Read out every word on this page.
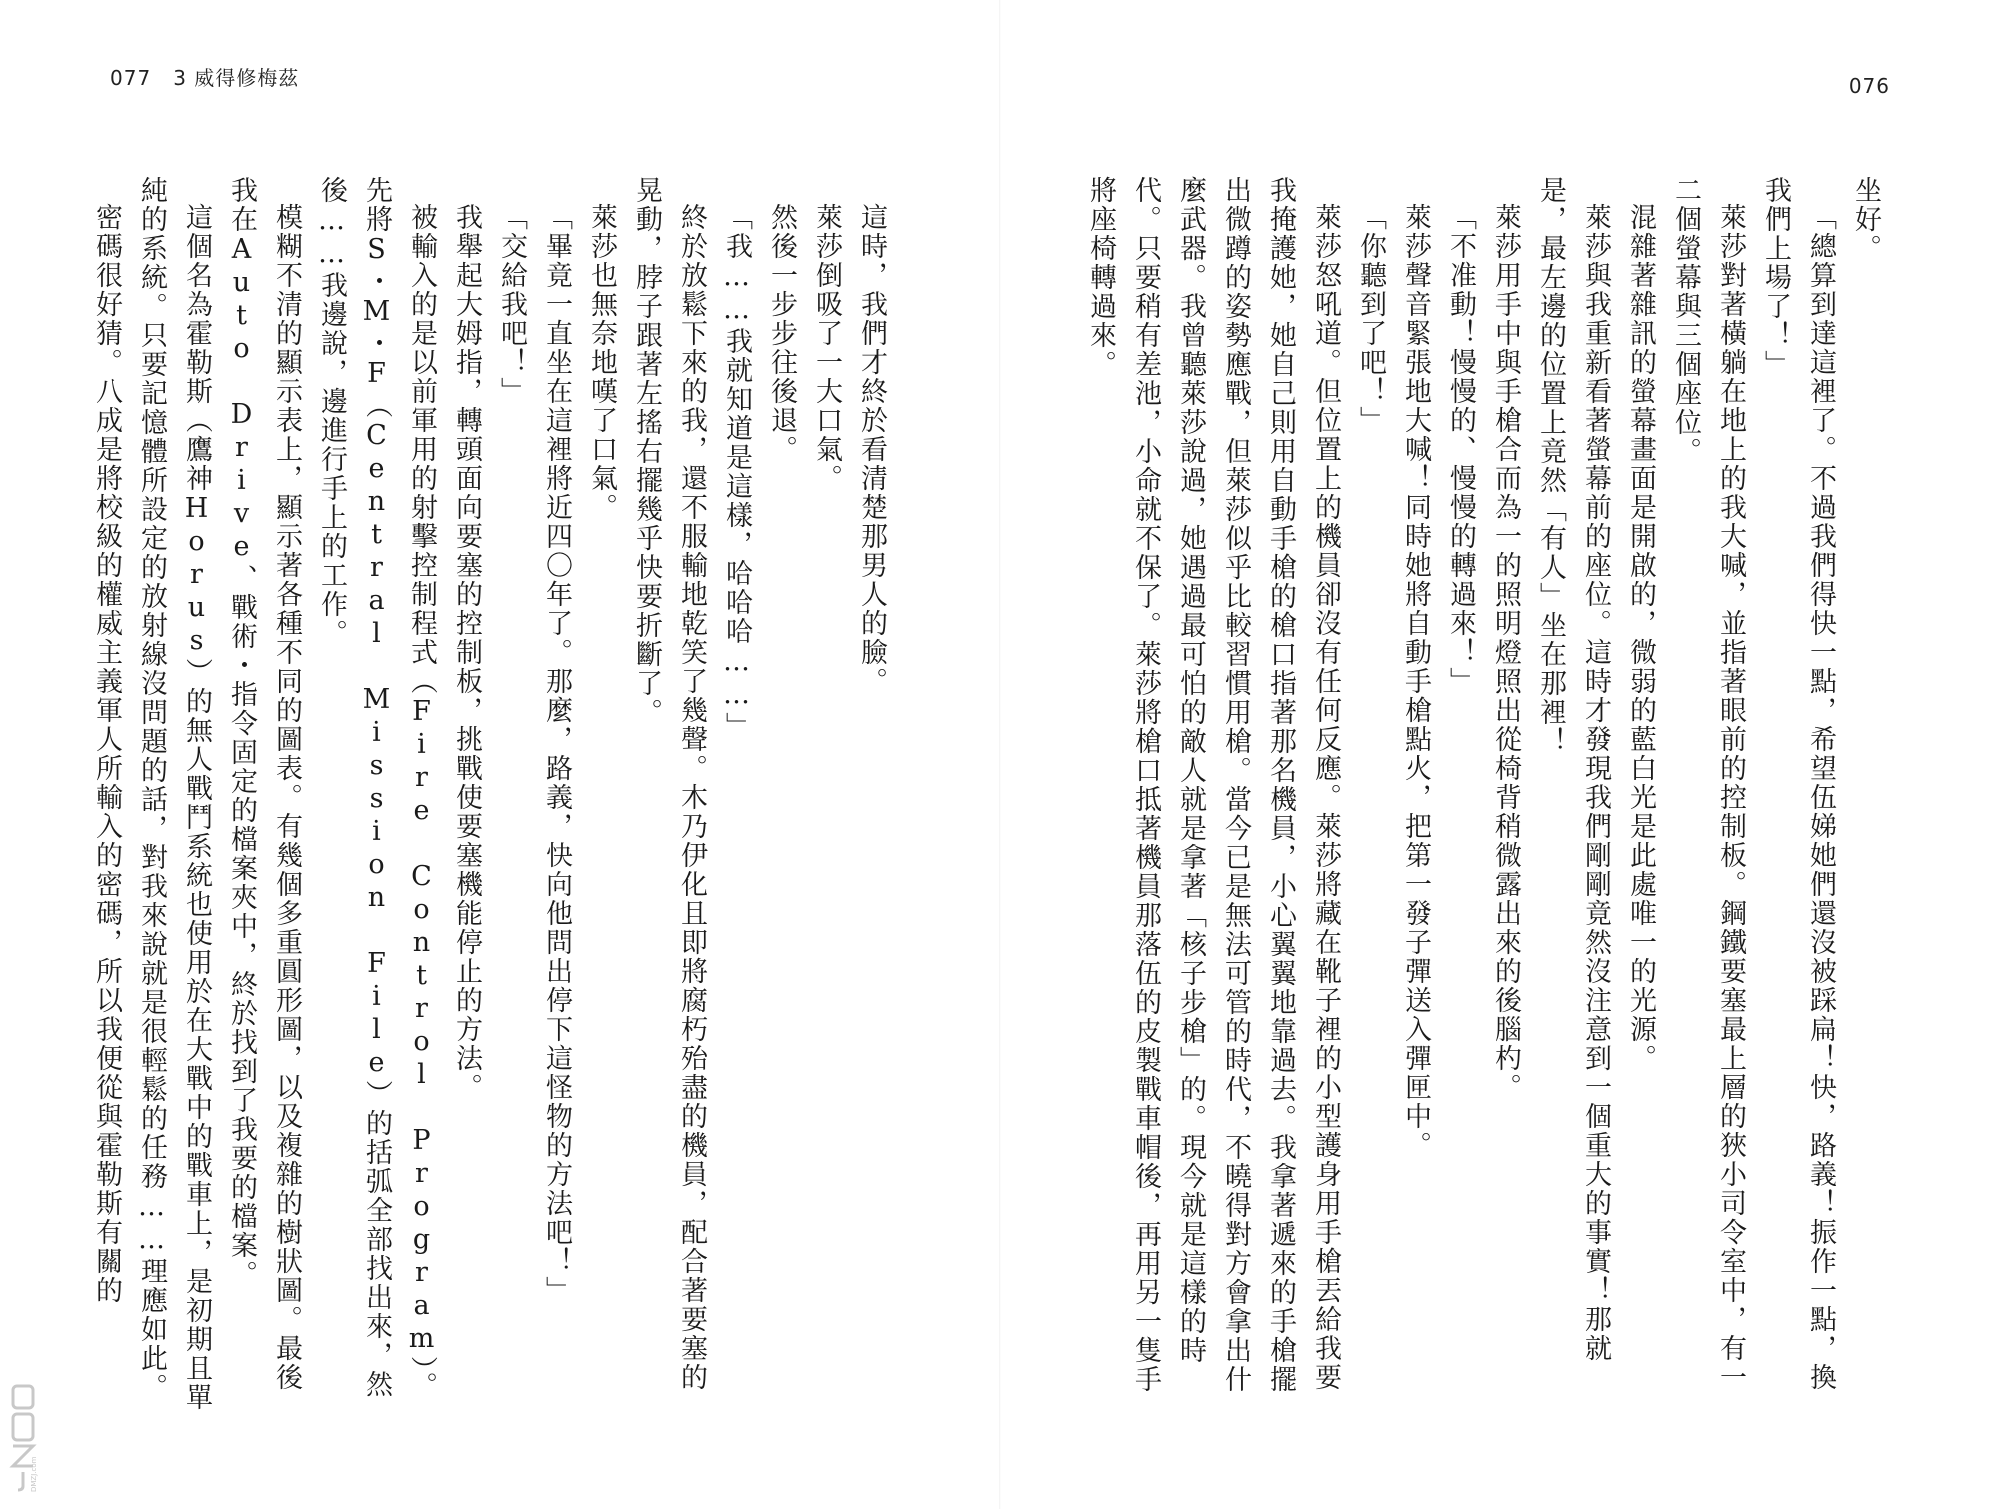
077 3 威得修梅茲	076

坐好。

「總算到達這裡了。不過我們得快一點，希望伍娣她們還沒被踩扁！快，路義！振作一點，換我們上場了！」

萊莎對著橫躺在地上的我大喊，並指著眼前的控制板。鋼鐵要塞最上層的狹小司令室中，有一二個螢幕與三個座位。

混雜著雜訊的螢幕畫面是開啟的，微弱的藍白光是此處唯一的光源。

萊莎與我重新看著螢幕前的座位。這時才發現我們剛剛竟然沒注意到一個重大的事實！那就是，最左邊的位置上竟然「有人」坐在那裡！

萊莎用手中與手槍合而為一的照明燈照出從椅背稍微露出來的後腦杓。

「不准動！慢慢的、慢慢的轉過來！」

萊莎聲音緊張地大喊！同時她將自動手槍點火，把第一發子彈送入彈匣中。

「你聽到了吧！」

萊莎怒吼道。但位置上的機員卻沒有任何反應。萊莎將藏在靴子裡的小型護身用手槍丟給我要我掩護她，她自己則用自動手槍的槍口指著那名機員，小心翼翼地靠過去。我拿著遞來的手槍擺出微蹲的姿勢應戰，但萊莎似乎比較習慣用槍。當今已是無法可管的時代，不曉得對方會拿出什麼武器。我曾聽萊莎說過，她遇過最可怕的敵人就是拿著「核子步槍」的。現今就是這樣的時代。只要稍有差池，小命就不保了。萊莎將槍口抵著機員那落伍的皮製戰車帽後，再用另一隻手將座椅轉過來。

這時，我們才終於看清楚那男人的臉。

萊莎倒吸了一大口氣。

然後一步步往後退。

「我……我就知道是這樣，哈哈哈……」

終於放鬆下來的我，還不服輸地乾笑了幾聲。木乃伊化且即將腐朽殆盡的機員，配合著要塞的晃動，脖子跟著左搖右擺幾乎快要折斷了。

萊莎也無奈地嘆了口氣。

「畢竟一直坐在這裡將近四〇年了。那麼，路義，快向他問出停下這怪物的方法吧！」

「交給我吧！」

我舉起大姆指，轉頭面向要塞的控制板，挑戰使要塞機能停止的方法。

被輸入的是以前軍用的射擊控制程式（Fire Control Program）。先將S・M・F（Central Mission File）的括弧全部找出來，然後……我邊說，邊進行手上的工作。

模糊不清的顯示表上，顯示著各種不同的圖表。有幾個多重圓形圖，以及複雜的樹狀圖。最後我在Auto Drive、戰術・指令固定的檔案夾中，終於找到了我要的檔案。

這個名為霍勒斯（鷹神Horus）的無人戰鬥系統也使用於在大戰中的戰車上，是初期且單純的系統。只要記憶體所設定的放射線沒問題的話，對我來說就是很輕鬆的任務……理應如此。

密碼很好猜。八成是將校級的權威主義軍人所輸入的密碼，所以我便從與霍勒斯有關的

DMZJ.com
